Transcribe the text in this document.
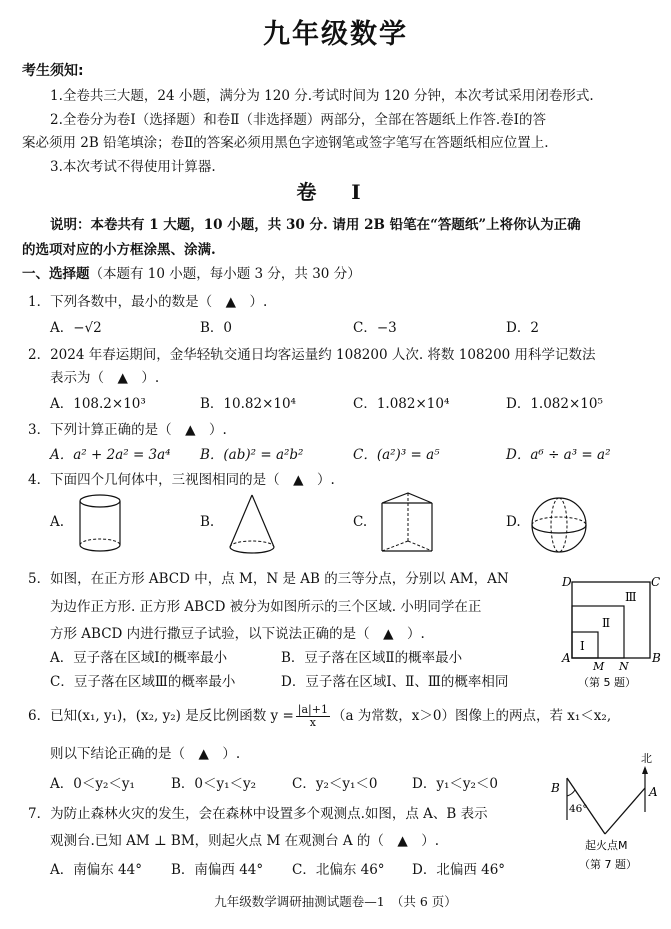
九年级数学
考生须知:
1.全卷共三大题，24 小题，满分为 120 分.考试时间为 120 分钟，本次考试采用闭卷形式.
2.全卷分为卷Ⅰ（选择题）和卷Ⅱ（非选择题）两部分，全部在答题纸上作答.卷Ⅰ的答
案必须用 2B 铅笔填涂；卷Ⅱ的答案必须用黑色字迹钢笔或签字笔写在答题纸相应位置上.
3.本次考试不得使用计算器.
卷 Ⅰ
说明：本卷共有 1 大题，10 小题，共 30 分. 请用 2B 铅笔在“答题纸”上将你认为正确
的选项对应的小方框涂黑、涂满.
一、选择题（本题有 10 小题，每小题 3 分，共 30 分）
1．下列各数中，最小的数是（　▲　）.
A．−√2	B．0	C．−3	D．2
2．2024 年春运期间，金华轻轨交通日均客运量约 108200 人次. 将数 108200 用科学记数法
表示为（　▲　）.
A．108.2×10³	B．10.82×10⁴	C．1.082×10⁴	D．1.082×10⁵
3．下列计算正确的是（　▲　）.
A．a² + 2a² = 3a⁴ B．(ab)² = a²b²	C．(a²)³ = a⁵	D．a⁶ ÷ a³ = a²
4．下面四个几何体中，三视图相同的是（　▲　）.
A.	B.	C.	D.
5．如图，在正方形 ABCD 中，点 M，N 是 AB 的三等分点，分别以 AM，AN
为边作正方形. 正方形 ABCD 被分为如图所示的三个区域. 小明同学在正
方形 ABCD 内进行撒豆子试验，以下说法正确的是（　▲　）.
A．豆子落在区域Ⅰ的概率最小	B．豆子落在区域Ⅱ的概率最小
C．豆子落在区域Ⅲ的概率最小	D．豆子落在区域Ⅰ、Ⅱ、Ⅲ的概率相同
D	C
A	B
M N
Ⅰ
Ⅱ
Ⅲ
（第 5 题）
6．已知(x₁, y₁)，(x₂, y₂) 是反比例函数 $y = \frac{|a|+1}{x} (a$ 为常数，x＞0）图像上的两点，若 x₁＜x₂,
则以下结论正确的是（　▲　）.
A．0＜y₂＜y₁	B．0＜y₁＜y₂	C．y₂＜y₁＜0	D．y₁＜y₂＜0
7．为防止森林火灾的发生，会在森林中设置多个观测点.如图，点 A、B 表示
观测台.已知 AM ⊥ BM，则起火点 M 在观测台 A 的（　▲　）.
A．南偏东 44° B．南偏西 44° C．北偏东 46° D．北偏西 46°
北
B	A
46°
起火点M
（第 7 题）
九年级数学调研抽测试题卷—1　（共 6 页）
